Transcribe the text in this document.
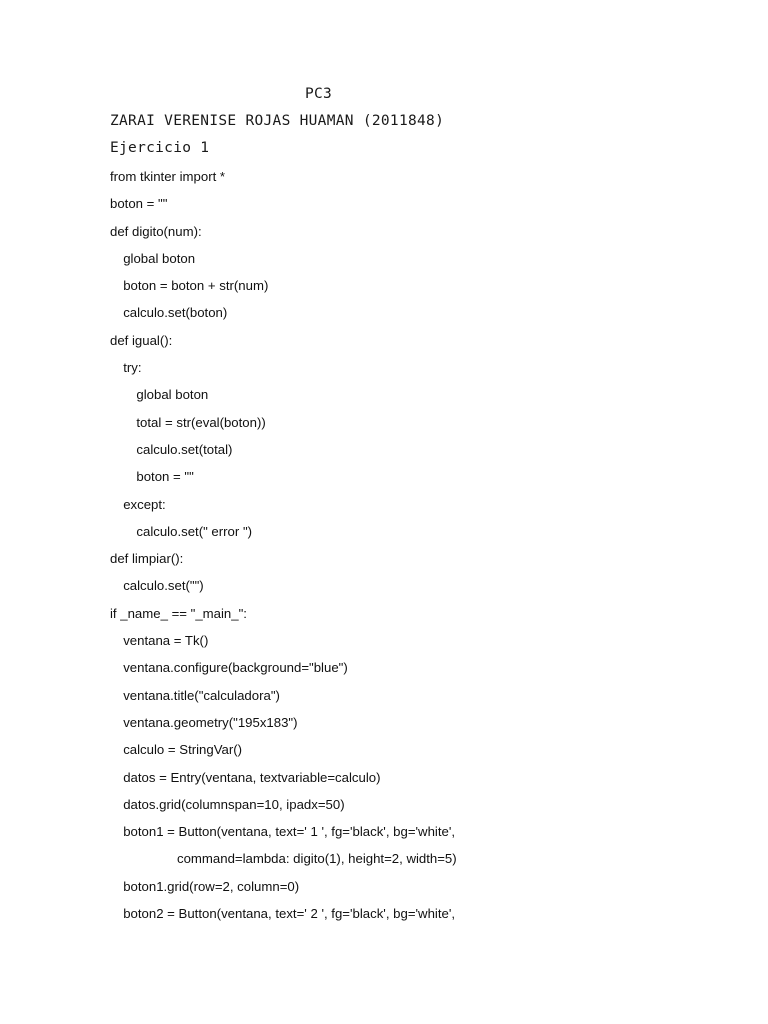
PC3
ZARAI VERENISE ROJAS HUAMAN (2011848)
Ejercicio 1
from tkinter import *
boton = ""
def digito(num):
global boton
boton = boton + str(num)
calculo.set(boton)
def igual():
try:
global boton
total = str(eval(boton))
calculo.set(total)
boton = ""
except:
calculo.set(" error ")
def limpiar():
calculo.set("")
if _name_ == "_main_":
ventana = Tk()
ventana.configure(background="blue")
ventana.title("calculadora")
ventana.geometry("195x183")
calculo = StringVar()
datos = Entry(ventana, textvariable=calculo)
datos.grid(columnspan=10, ipadx=50)
boton1 = Button(ventana, text=' 1 ', fg='black', bg='white',
command=lambda: digito(1), height=2, width=5)
boton1.grid(row=2, column=0)
boton2 = Button(ventana, text=' 2 ', fg='black', bg='white',
